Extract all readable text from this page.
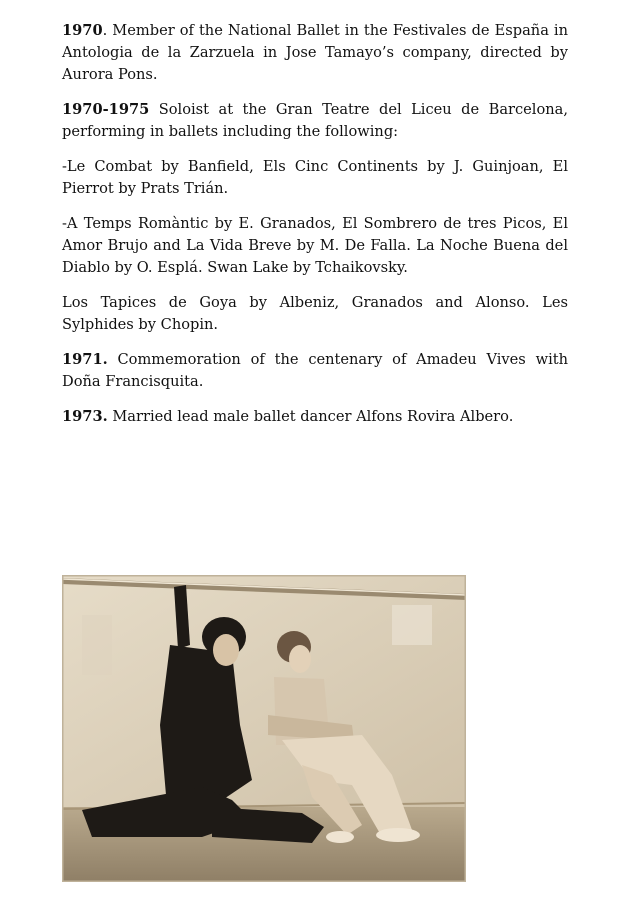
1970. Member of the National Ballet in the Festivales de España in Antologia de la Zarzuela in Jose Tamayo’s company, directed by Aurora Pons.

1970-1975 Soloist at the Gran Teatre del Liceu de Barcelona, performing in ballets including the following:

-Le Combat by Banfield, Els Cinc Continents by J. Guinjoan, El Pierrot by Prats Trián.

-A Temps Romàntic by E. Granados, El Sombrero de tres Picos, El Amor Brujo and La Vida Breve by M. De Falla. La Noche Buena del Diablo by O. Esplá. Swan Lake by Tchaikovsky.

Los Tapices de Goya by Albeniz, Granados and Alonso. Les Sylphides by Chopin.

1971. Commemoration of the centenary of Amadeu Vives with Doña Francisquita.

1973. Married lead male ballet dancer Alfons Rovira Albero.
